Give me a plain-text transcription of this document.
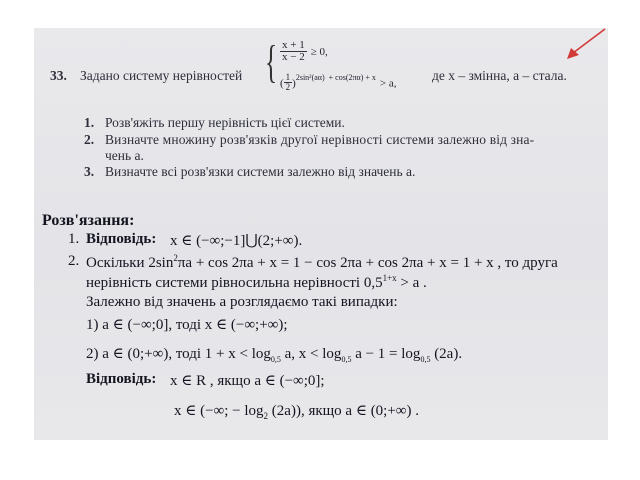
33. Задано систему нерівностей { $\frac{x + 1}{x - 2} \ge 0$,
( $\frac{1}{2} )^{2sin^2(a\alpha)}$ $^{+ cos(2\pi\alpha) + x}$ > a,
де x – змінна, a – стала.
1. Розв'яжіть першу нерівність цієї системи.
2. Визначте множину розв'язків другої нерівності системи залежно від зна-
чень a.
3. Визначте всі розв'язки системи залежно від значень a.
Розв'язання:
1. Відповідь: x ∈ (−∞;−1]⋃(2;+∞).
2. Оскільки $2\sin^2\pi a + \cos 2\pi a + x = 1 - \cos 2\pi a + \cos 2\pi a + x = 1 + x$ , то друга
нерівність системи рівносильна нерівності $0,5^{1+x} > a$ .
Залежно від значень a розглядаємо такі випадки:
1) a ∈ (−∞;0], тоді x ∈ (−∞;+∞);
2) a ∈ (0;+∞), тоді $1 + x < \log_{0,5} a$, $x < \log_{0,5} a - 1 = \log_{0,5} (2a)$.
Відповідь: x ∈ R , якщо a ∈ (−∞;0];
x ∈ (−∞; − $\log_2 (2a)$), якщо a ∈ (0;+∞) .
